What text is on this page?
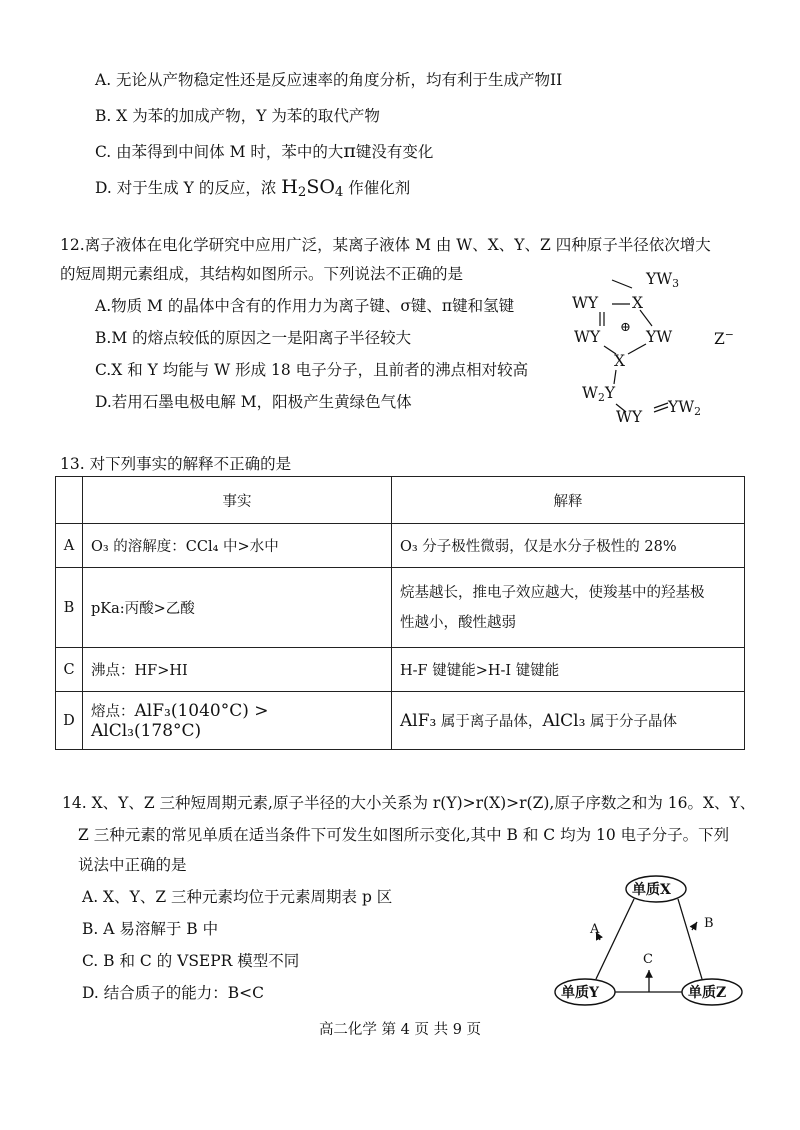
A. 无论从产物稳定性还是反应速率的角度分析，均有利于生成产物II
B. X 为苯的加成产物，Y 为苯的取代产物
C. 由苯得到中间体 M 时，苯中的大π键没有变化
D. 对于生成 Y 的反应，浓 $H_2SO_4$ 作催化剂
12.离子液体在电化学研究中应用广泛，某离子液体 M 由 W、X、Y、Z 四种原子半径依次增大
的短周期元素组成，其结构如图所示。下列说法不正确的是
A.物质 M 的晶体中含有的作用力为离子键、σ键、π键和氢键
B.M 的熔点较低的原因之一是阳离子半径较大
C.X 和 Y 均能与 W 形成 18 电子分子，且前者的沸点相对较高
D.若用石墨电极电解 M，阳极产生黄绿色气体
$YW_3$
WY X
⊕
WY	YW
X
$W_2Y$
WY
$YW_2$
Z−
13. 对下列事实的解释不正确的是
	事实	解释
A	O₃ 的溶解度：CCl₄ 中>水中	O₃ 分子极性微弱，仅是水分子极性的 28%
B	pKa:丙酸>乙酸	烷基越长，推电子效应越大，使羧基中的羟基极
性越小，酸性越弱

C	沸点：HF>HI	H-F 键键能>H-I 键键能
D	熔点：AlF₃(1040°C) > AlCl₃(178°C)	AlF₃ 属于离子晶体，AlCl₃ 属于分子晶体
14. X、Y、Z 三种短周期元素,原子半径的大小关系为 r(Y)>r(X)>r(Z),原子序数之和为 16。X、Y、
Z 三种元素的常见单质在适当条件下可发生如图所示变化,其中 B 和 C 均为 10 电子分子。下列
说法中正确的是
A. X、Y、Z 三种元素均位于元素周期表 p 区
B. A 易溶解于 B 中
C. B 和 C 的 VSEPR 模型不同
D. 结合质子的能力：B<C
单质X
单质Y	单质Z
A	B
C
高二化学 第 4 页 共 9 页
